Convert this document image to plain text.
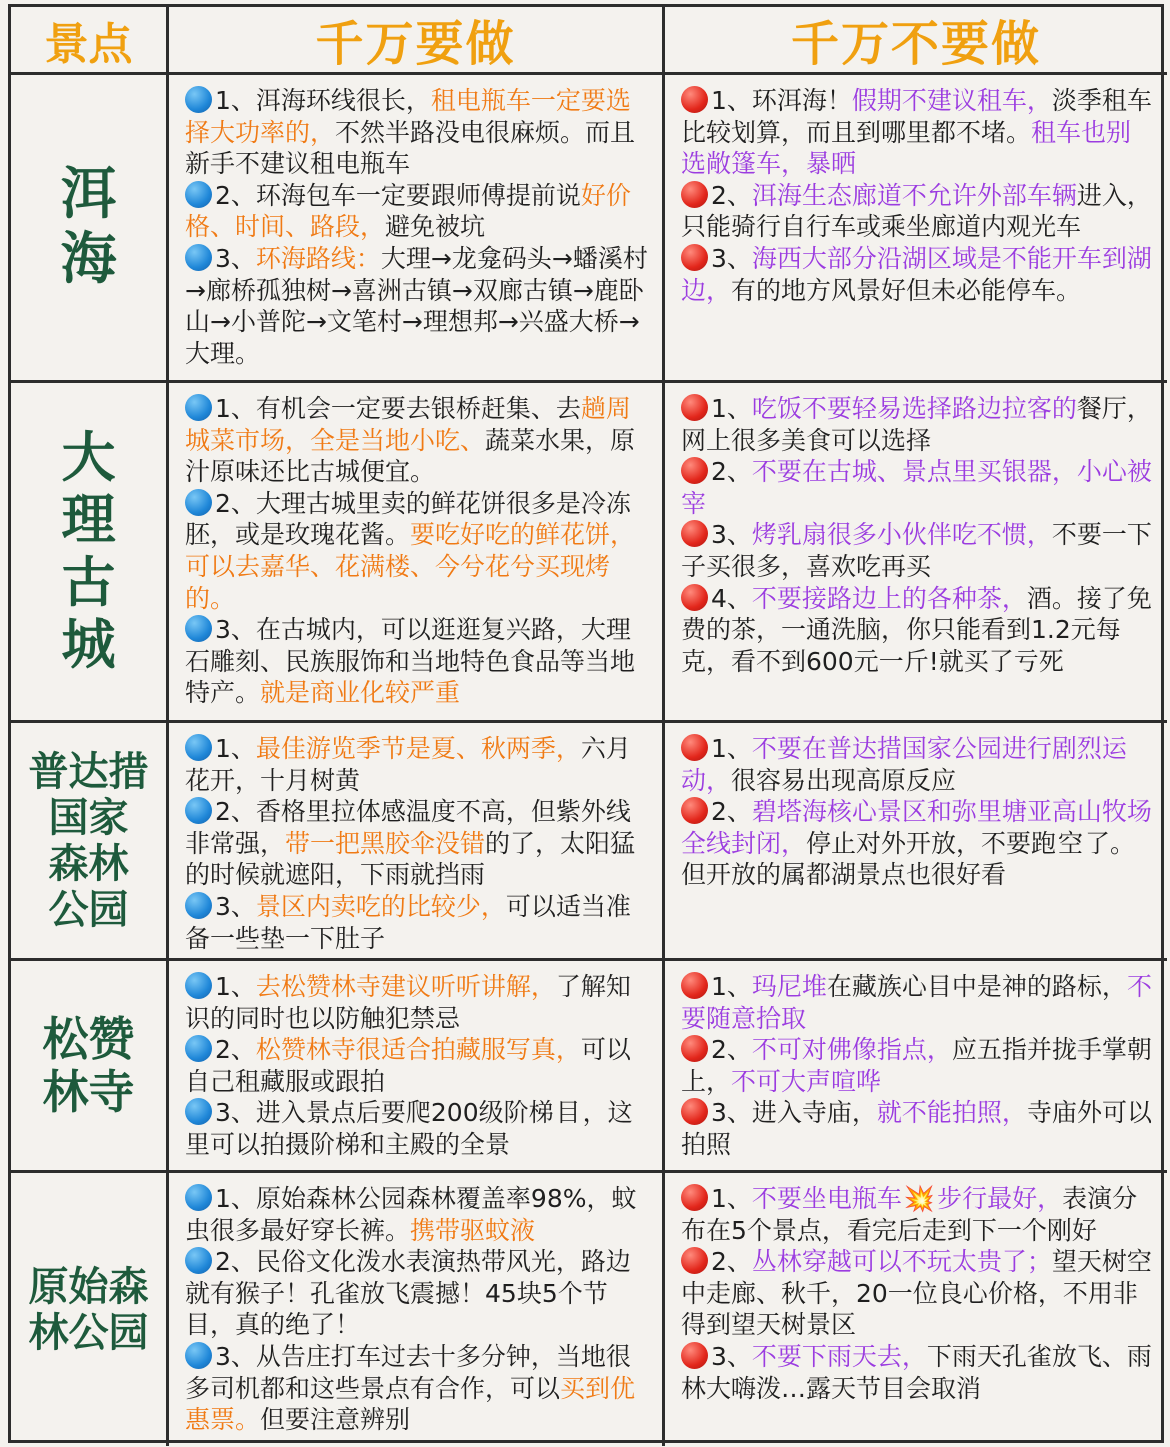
景点	千万要做	千万不要做
洱
海
1、洱海环线很长，租电瓶车一定要选择大功率的，不然半路没电很麻烦。而且新手不建议租电瓶车
2、环海包车一定要跟师傅提前说好价格、时间、路段，避免被坑
3、环海路线：大理→龙龛码头→蟠溪村→廊桥孤独树→喜洲古镇→双廊古镇→鹿卧山→小普陀→文笔村→理想邦→兴盛大桥→大理。
1、环洱海！假期不建议租车，淡季租车比较划算，而且到哪里都不堵。租车也别选敞篷车，暴晒
2、洱海生态廊道不允许外部车辆进入，只能骑行自行车或乘坐廊道内观光车
3、海西大部分沿湖区域是不能开车到湖边，有的地方风景好但未必能停车。
大
理
古
城
1、有机会一定要去银桥赶集、去趟周城菜市场，全是当地小吃、蔬菜水果，原汁原味还比古城便宜。
2、大理古城里卖的鲜花饼很多是冷冻胚，或是玫瑰花酱。要吃好吃的鲜花饼，可以去嘉华、花满楼、今兮花兮买现烤的。
3、在古城内，可以逛逛复兴路，大理石雕刻、民族服饰和当地特色食品等当地特产。就是商业化较严重
1、吃饭不要轻易选择路边拉客的餐厅，网上很多美食可以选择
2、不要在古城、景点里买银器，小心被宰
3、烤乳扇很多小伙伴吃不惯，不要一下子买很多，喜欢吃再买
4、不要接路边上的各种茶，酒。接了免费的茶，一通洗脑，你只能看到1.2元每克，看不到600元一斤!就买了亏死
普达措
国家
森林
公园
1、最佳游览季节是夏、秋两季，六月花开，十月树黄
2、香格里拉体感温度不高，但紫外线非常强，带一把黑胶伞没错的了，太阳猛的时候就遮阳，下雨就挡雨
3、景区内卖吃的比较少，可以适当准备一些垫一下肚子
1、不要在普达措国家公园进行剧烈运动，很容易出现高原反应
2、碧塔海核心景区和弥里塘亚高山牧场全线封闭，停止对外开放，不要跑空了。但开放的属都湖景点也很好看
松赞
林寺
1、去松赞林寺建议听听讲解，了解知识的同时也以防触犯禁忌
2、松赞林寺很适合拍藏服写真，可以自己租藏服或跟拍
3、进入景点后要爬200级阶梯目，这里可以拍摄阶梯和主殿的全景
1、玛尼堆在藏族心目中是神的路标，不要随意拾取
2、不可对佛像指点，应五指并拢手掌朝上，不可大声喧哗
3、进入寺庙，就不能拍照，寺庙外可以拍照
原始森
林公园
1、原始森林公园森林覆盖率98%，蚊虫很多最好穿长裤。携带驱蚊液
2、民俗文化泼水表演热带风光，路边就有猴子！孔雀放飞震撼！45块5个节目，真的绝了！
3、从告庄打车过去十多分钟，当地很多司机都和这些景点有合作，可以买到优惠票。但要注意辨别
1、不要坐电瓶车💥步行最好，表演分布在5个景点，看完后走到下一个刚好
2、丛林穿越可以不玩太贵了；望天树空中走廊、秋千，20一位良心价格，不用非得到望天树景区
3、不要下雨天去，下雨天孔雀放飞、雨林大嗨泼…露天节目会取消
